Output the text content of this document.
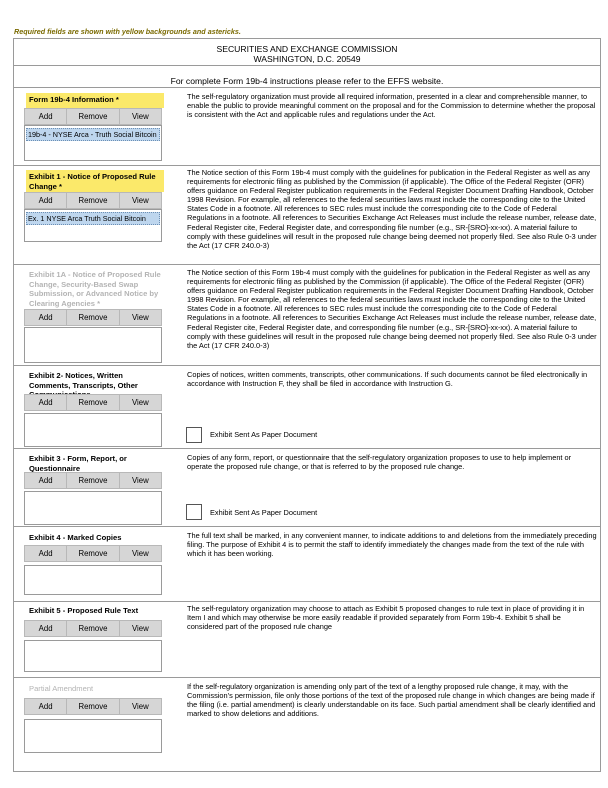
Required fields are shown with yellow backgrounds and astericks.
SECURITIES AND EXCHANGE COMMISSION
WASHINGTON, D.C. 20549
For complete Form 19b-4 instructions please refer to the EFFS website.
Form 19b-4 Information *
Add	Remove	View
19b-4 - NYSE Arca - Truth Social Bitcoin
The self-regulatory organization must provide all required information, presented in a clear and comprehensible manner, to enable the public to provide meaningful comment on the proposal and for the Commission to determine whether the proposal is consistent with the Act and applicable rules and regulations under the Act.
Exhibit 1 - Notice of Proposed Rule Change *
Add	Remove	View
Ex. 1 NYSE Arca Truth Social Bitcoin
The Notice section of this Form 19b-4 must comply with the guidelines for publication in the Federal Register as well as any requirements for electronic filing as published by the Commission (if applicable). The Office of the Federal Register (OFR) offers guidance on Federal Register publication requirements in the Federal Register Document Drafting Handbook, October 1998 Revision. For example, all references to the federal securities laws must include the corresponding cite to the United States Code in a footnote. All references to SEC rules must include the corresponding cite to the Code of Federal Regulations in a footnote. All references to Securities Exchange Act Releases must include the release number, release date, Federal Register cite, Federal Register date, and corresponding file number (e.g., SR-[SRO]-xx-xx). A material failure to comply with these guidelines will result in the proposed rule change being deemed not properly filed. See also Rule 0-3 under the Act (17 CFR 240.0-3)
Exhibit 1A - Notice of Proposed Rule Change, Security-Based Swap Submission, or Advanced Notice by Clearing Agencies *
Add	Remove	View
The Notice section of this Form 19b-4 must comply with the guidelines for publication in the Federal Register as well as any requirements for electronic filing as published by the Commission (if applicable). The Office of the Federal Register (OFR) offers guidance on Federal Register publication requirements in the Federal Register Document Drafting Handbook, October 1998 Revision. For example, all references to the federal securities laws must include the corresponding cite to the United States Code in a footnote. All references to SEC rules must include the corresponding cite to the Code of Federal Regulations in a footnote. All references to Securities Exchange Act Releases must include the release number, release date, Federal Register cite, Federal Register date, and corresponding file number (e.g., SR-[SRO]-xx-xx). A material failure to comply with these guidelines will result in the proposed rule change being deemed not properly filed. See also Rule 0-3 under the Act (17 CFR 240.0-3)
Exhibit 2- Notices, Written Comments, Transcripts, Other
Add	Remove	View
Copies of notices, written comments, transcripts, other communications. If such documents cannot be filed electronically in accordance with Instruction F, they shall be filed in accordance with Instruction G.
Exhibit Sent As Paper Document
Exhibit 3 - Form, Report, or Questionnaire
Add	Remove	View
Copies of any form, report, or questionnaire that the self-regulatory organization proposes to use to help implement or operate the proposed rule change, or that is referred to by the proposed rule change.
Exhibit Sent As Paper Document
Exhibit 4 - Marked Copies
Add	Remove	View
The full text shall be marked, in any convenient manner, to indicate additions to and deletions from the immediately preceding filing. The purpose of Exhibit 4 is to permit the staff to identify immediately the changes made from the text of the rule with which it has been working.
Exhibit 5 - Proposed Rule Text
Add	Remove	View
The self-regulatory organization may choose to attach as Exhibit 5 proposed changes to rule text in place of providing it in Item I and which may otherwise be more easily readable if provided separately from Form 19b-4. Exhibit 5 shall be considered part of the proposed rule change
Partial Amendment
Add	Remove	View
If the self-regulatory organization is amending only part of the text of a lengthy proposed rule change, it may, with the Commission's permission, file only those portions of the text of the proposed rule change in which changes are being made if the filing (i.e. partial amendment) is clearly understandable on its face. Such partial amendment shall be clearly identified and marked to show deletions and additions.
